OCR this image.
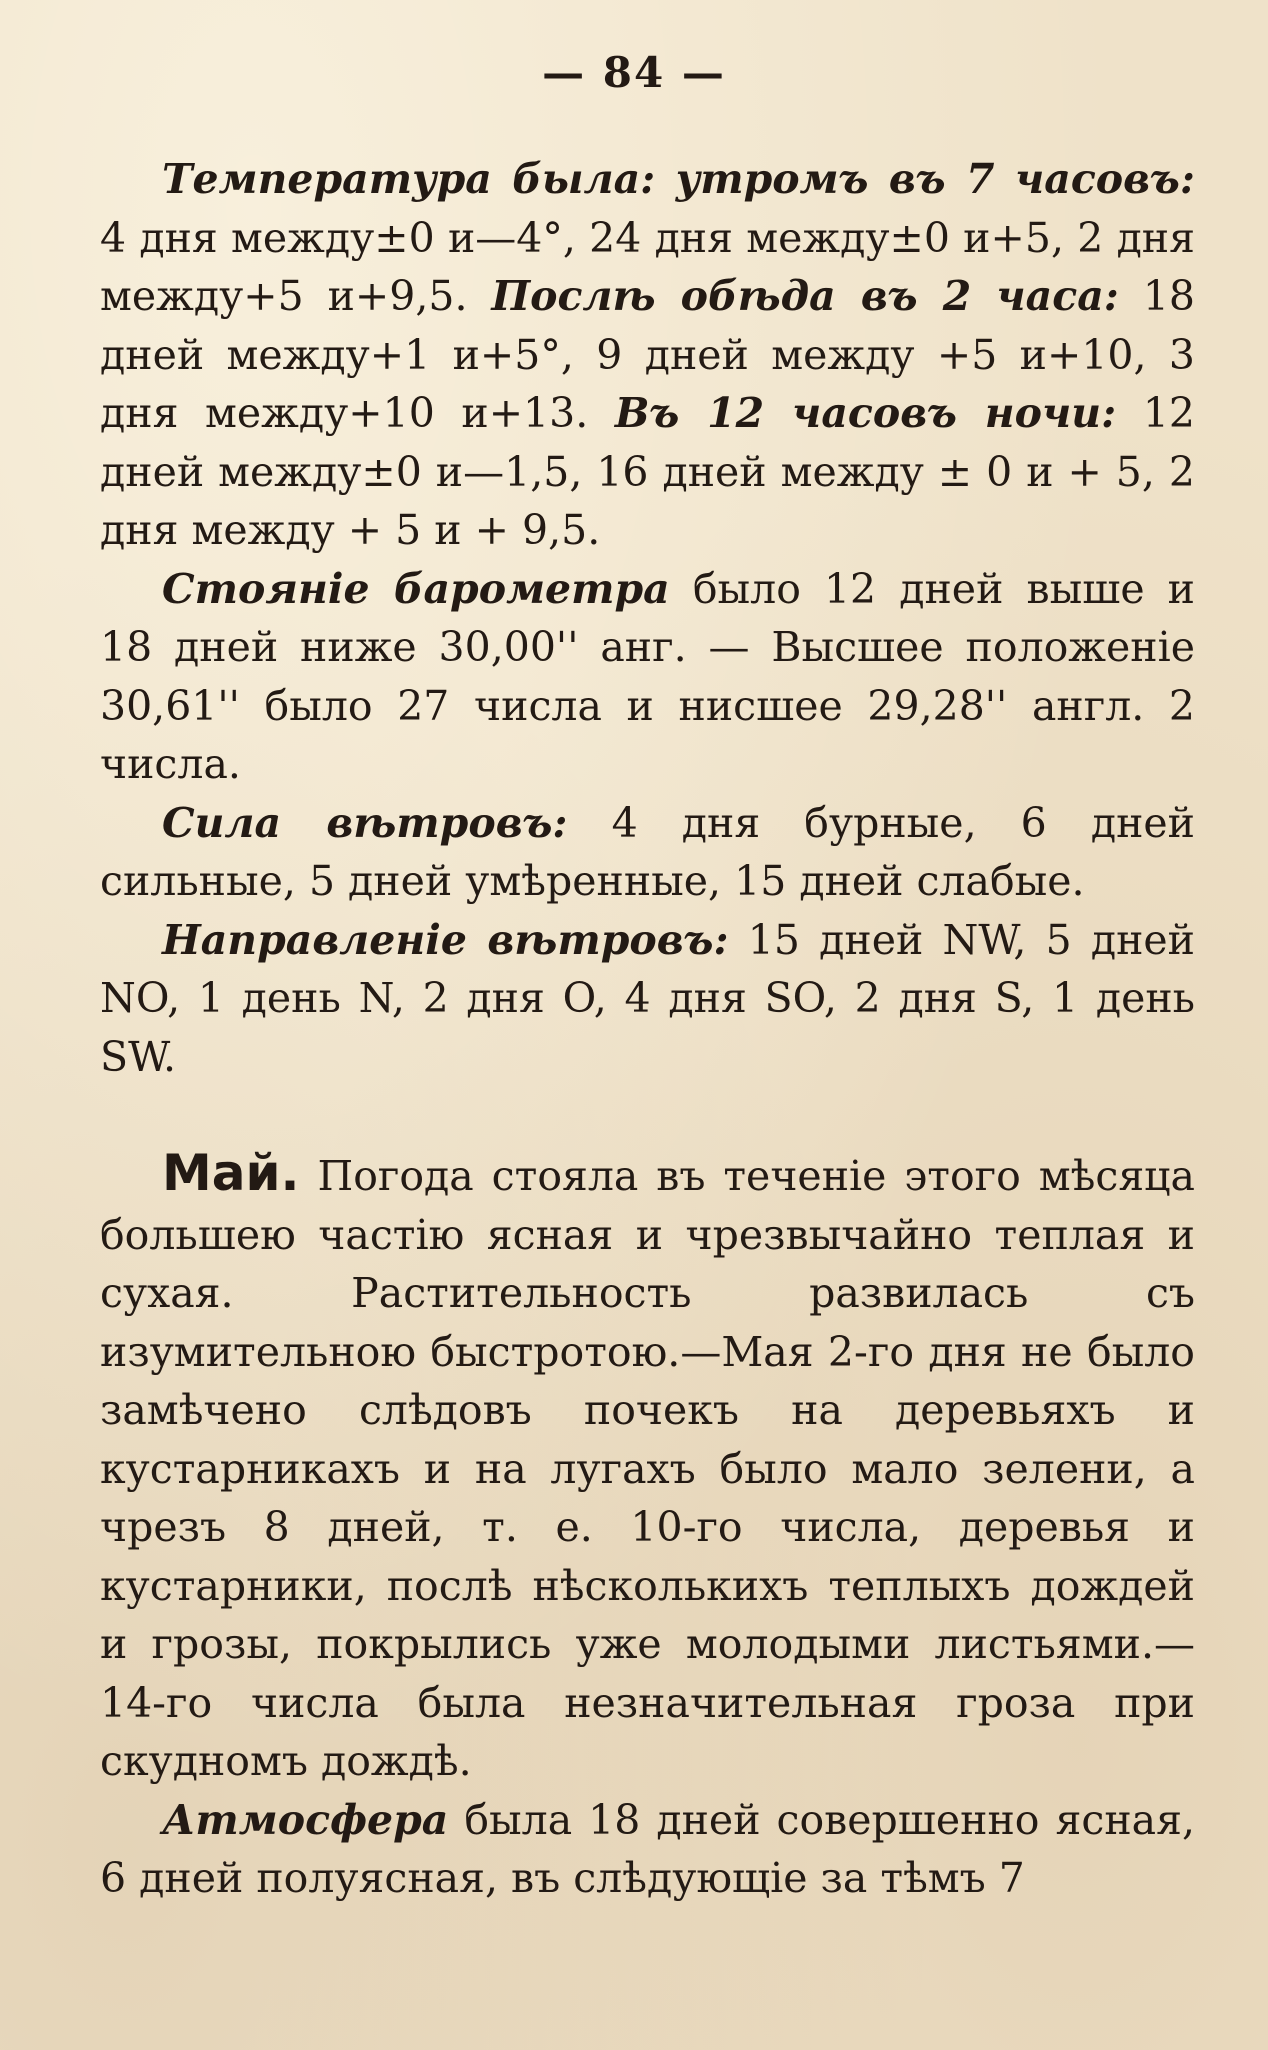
— 84 —

Температура была: утромъ въ 7 часовъ: 4 дня между±0 и—4°, 24 дня между±0 и+5, 2 дня между+5 и+9,5. Послѣ обѣда въ 2 часа: 18 дней между+1 и+5°, 9 дней между +5 и+10, 3 дня между+10 и+13. Въ 12 часовъ ночи: 12 дней между±0 и—1,5, 16 дней между ± 0 и + 5, 2 дня между + 5 и + 9,5.

Стояніе барометра было 12 дней выше и 18 дней ниже 30,00'' анг. — Высшее положеніе 30,61'' было 27 числа и нисшее 29,28'' англ. 2 числа.

Сила вѣтровъ: 4 дня бурные, 6 дней сильные, 5 дней умѣренные, 15 дней слабые.

Направленіе вѣтровъ: 15 дней NW, 5 дней NO, 1 день N, 2 дня O, 4 дня SO, 2 дня S, 1 день SW.

Май. Погода стояла въ теченіе этого мѣсяца большею частію ясная и чрезвычайно теплая и сухая. Растительность развилась съ изумительною быстротою.—Мая 2-го дня не было замѣчено слѣдовъ почекъ на деревьяхъ и кустарникахъ и на лугахъ было мало зелени, а чрезъ 8 дней, т. е. 10-го числа, деревья и кустарники, послѣ нѣсколькихъ теплыхъ дождей и грозы, покрылись уже молодыми листьями.—14-го числа была незначительная гроза при скудномъ дождѣ.

Атмосфера была 18 дней совершенно ясная, 6 дней полуясная, въ слѣдующіе за тѣмъ 7
